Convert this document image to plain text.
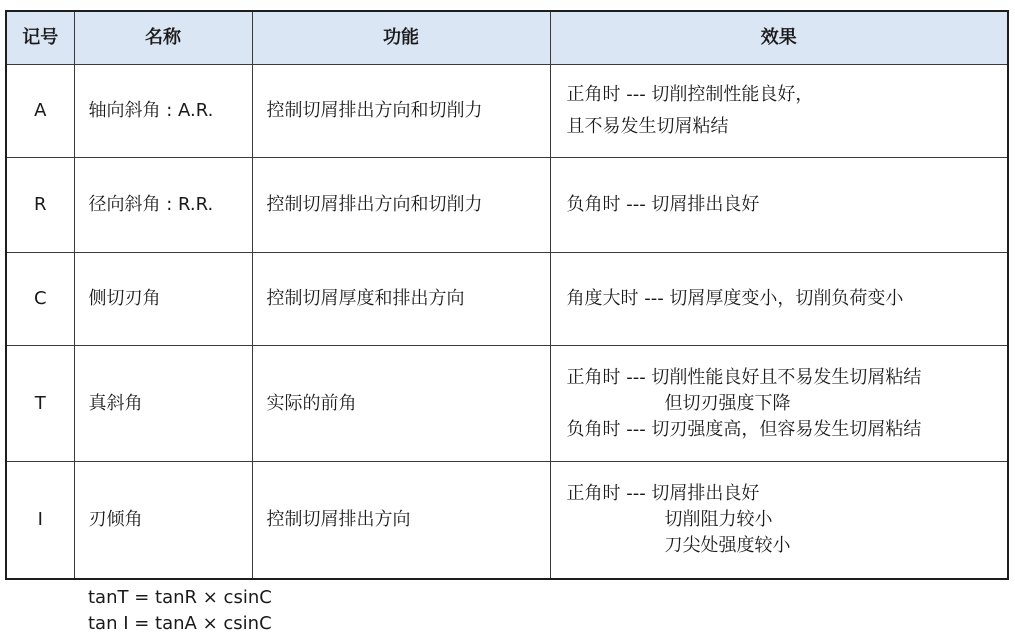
记号	名称	功能	效果
A	轴向斜角 : A.R.	控制切屑排出方向和切削力	正角时 --- 切削控制性能良好，
且不易发生切屑粘结

R	径向斜角 : R.R.	控制切屑排出方向和切削力	负角时 --- 切屑排出良好

C	侧切刃角	控制切屑厚度和排出方向	角度大时 --- 切屑厚度变小，切削负荷变小

T	真斜角	实际的前角	正角时 --- 切削性能良好且不易发生切屑粘结
但切刃强度下降
负角时 --- 切刃强度高，但容易发生切屑粘结

I	刃倾角	控制切屑排出方向	正角时 --- 切屑排出良好
切削阻力较小
刀尖处强度较小
tanT = tanR × csinC
tan I = tanA × csinC
